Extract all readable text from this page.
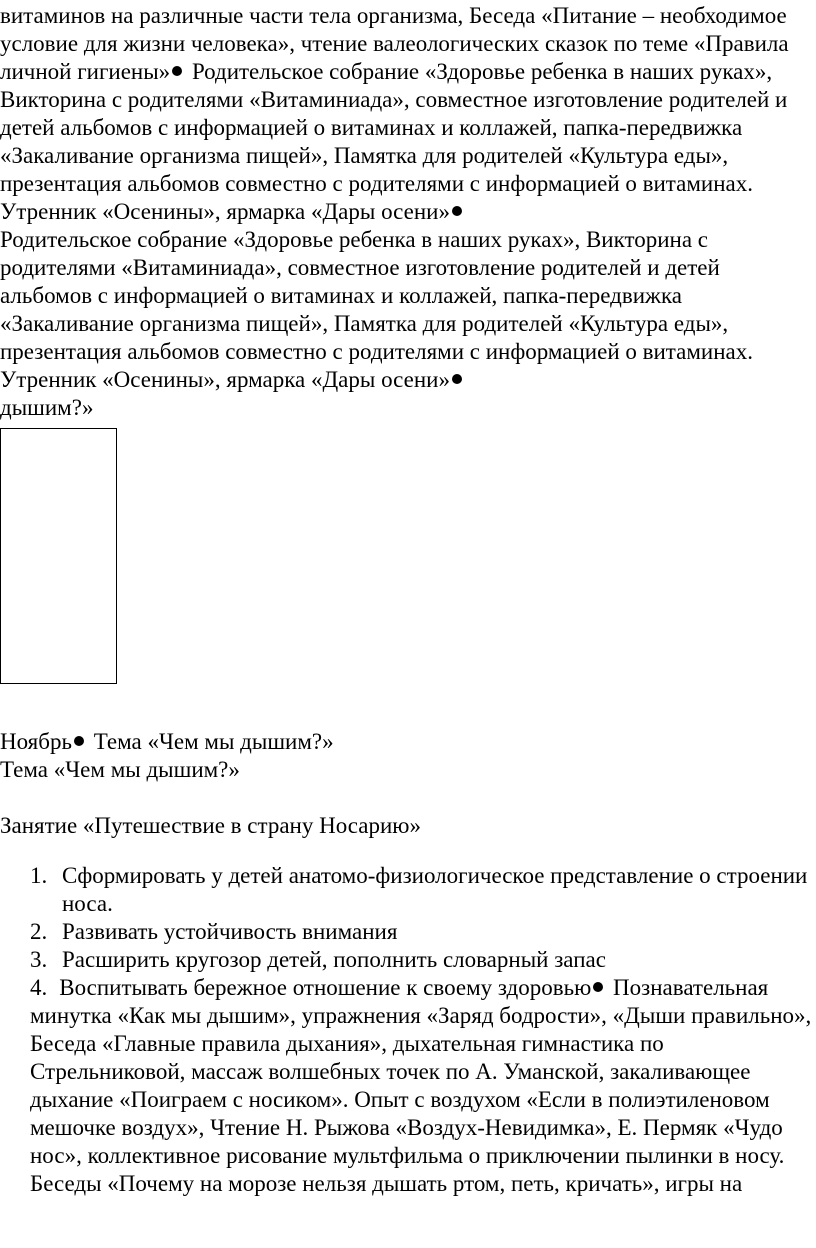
витаминов на различные части тела организма, Беседа «Питание – необходимое условие для жизни человека», чтение валеологических сказок по теме «Правила личной гигиены» Родительское собрание «Здоровье ребенка в наших руках», Викторина с родителями «Витаминиада», совместное изготовление родителей и детей альбомов с информацией о витаминах и коллажей, папка-передвижка «Закаливание организма пищей», Памятка для родителей «Культура еды», презентация альбомов совместно с родителями с информацией о витаминах. Утренник «Осенины», ярмарка «Дары осени»

Родительское собрание «Здоровье ребенка в наших руках», Викторина с родителями «Витаминиада», совместное изготовление родителей и детей альбомов с информацией о витаминах и коллажей, папка-передвижка «Закаливание организма пищей», Памятка для родителей «Культура еды», презентация альбомов совместно с родителями с информацией о витаминах. Утренник «Осенины», ярмарка «Дары осени»

дышим?»

Ноябрь Тема «Чем мы дышим?»

Тема «Чем мы дышим?»

Занятие «Путешествие в страну Носарию»

1. Сформировать у детей анатомо-физиологическое представление о строении носа.
2. Развивать устойчивость внимания
3. Расширить кругозор детей, пополнить словарный запас

4. Воспитывать бережное отношение к своему здоровью Познавательная минутка «Как мы дышим», упражнения «Заряд бодрости», «Дыши правильно», Беседа «Главные правила дыхания», дыхательная гимнастика по Стрельниковой, массаж волшебных точек по А. Уманской, закаливающее дыхание «Поиграем с носиком». Опыт с воздухом «Если в полиэтиленовом мешочке воздух», Чтение Н. Рыжова «Воздух-Невидимка», Е. Пермяк «Чудо нос», коллективное рисование мультфильма о приключении пылинки в носу. Беседы «Почему на морозе нельзя дышать ртом, петь, кричать», игры на
